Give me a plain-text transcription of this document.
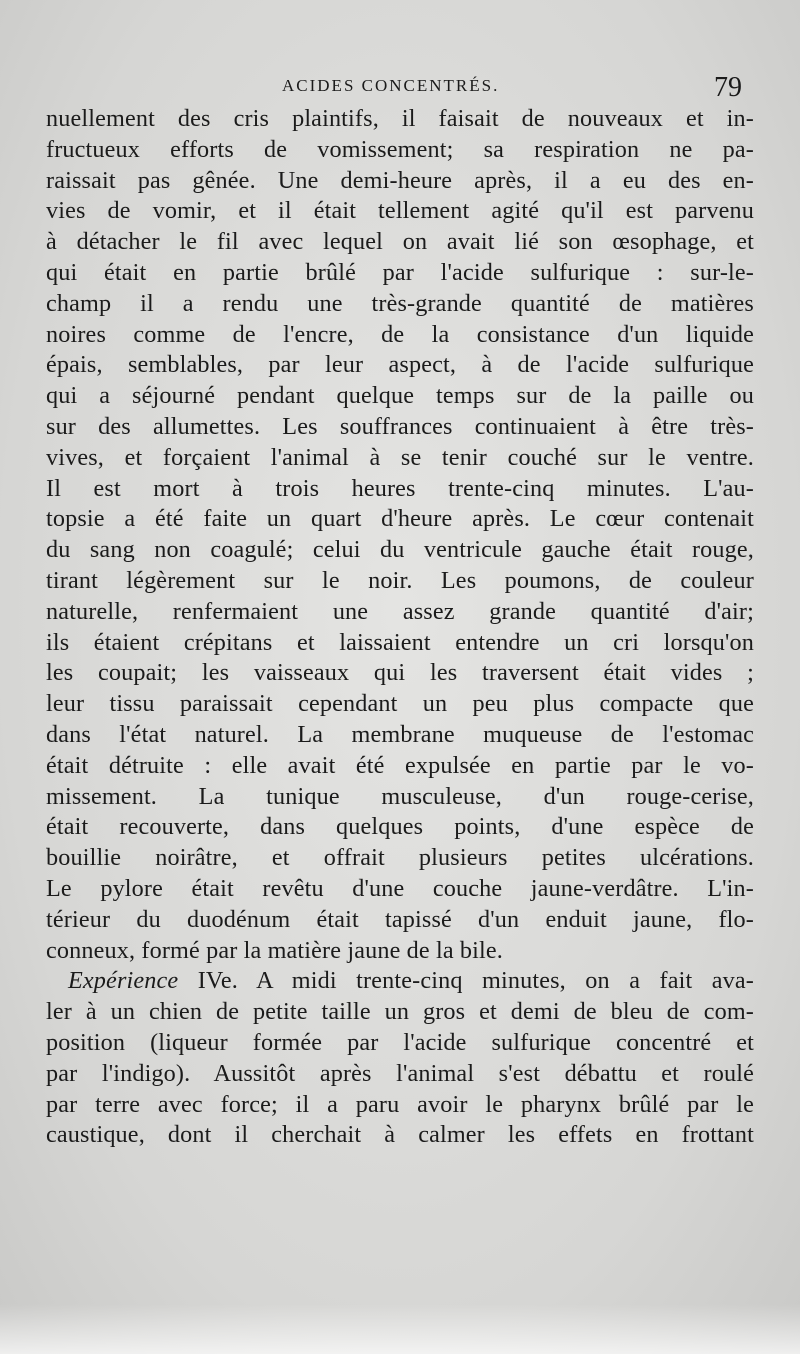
ACIDES CONCENTRÉS.	79
nuellement des cris plaintifs, il faisait de nouveaux et in-
fructueux efforts de vomissement; sa respiration ne pa-
raissait pas gênée. Une demi-heure après, il a eu des en-
vies de vomir, et il était tellement agité qu'il est parvenu
à détacher le fil avec lequel on avait lié son œsophage, et
qui était en partie brûlé par l'acide sulfurique : sur-le-
champ il a rendu une très-grande quantité de matières
noires comme de l'encre, de la consistance d'un liquide
épais, semblables, par leur aspect, à de l'acide sulfurique
qui a séjourné pendant quelque temps sur de la paille ou
sur des allumettes. Les souffrances continuaient à être très-
vives, et forçaient l'animal à se tenir couché sur le ventre.
Il est mort à trois heures trente-cinq minutes. L'au-
topsie a été faite un quart d'heure après. Le cœur contenait
du sang non coagulé; celui du ventricule gauche était rouge,
tirant légèrement sur le noir. Les poumons, de couleur
naturelle, renfermaient une assez grande quantité d'air;
ils étaient crépitans et laissaient entendre un cri lorsqu'on
les coupait; les vaisseaux qui les traversent était vides ;
leur tissu paraissait cependant un peu plus compacte que
dans l'état naturel. La membrane muqueuse de l'estomac
était détruite : elle avait été expulsée en partie par le vo-
missement. La tunique musculeuse, d'un rouge-cerise,
était recouverte, dans quelques points, d'une espèce de
bouillie noirâtre, et offrait plusieurs petites ulcérations.
Le pylore était revêtu d'une couche jaune-verdâtre. L'in-
térieur du duodénum était tapissé d'un enduit jaune, flo-
conneux, formé par la matière jaune de la bile.
Expérience IVe. A midi trente-cinq minutes, on a fait ava-
ler à un chien de petite taille un gros et demi de bleu de com-
position (liqueur formée par l'acide sulfurique concentré et
par l'indigo). Aussitôt après l'animal s'est débattu et roulé
par terre avec force; il a paru avoir le pharynx brûlé par le
caustique, dont il cherchait à calmer les effets en frottant
